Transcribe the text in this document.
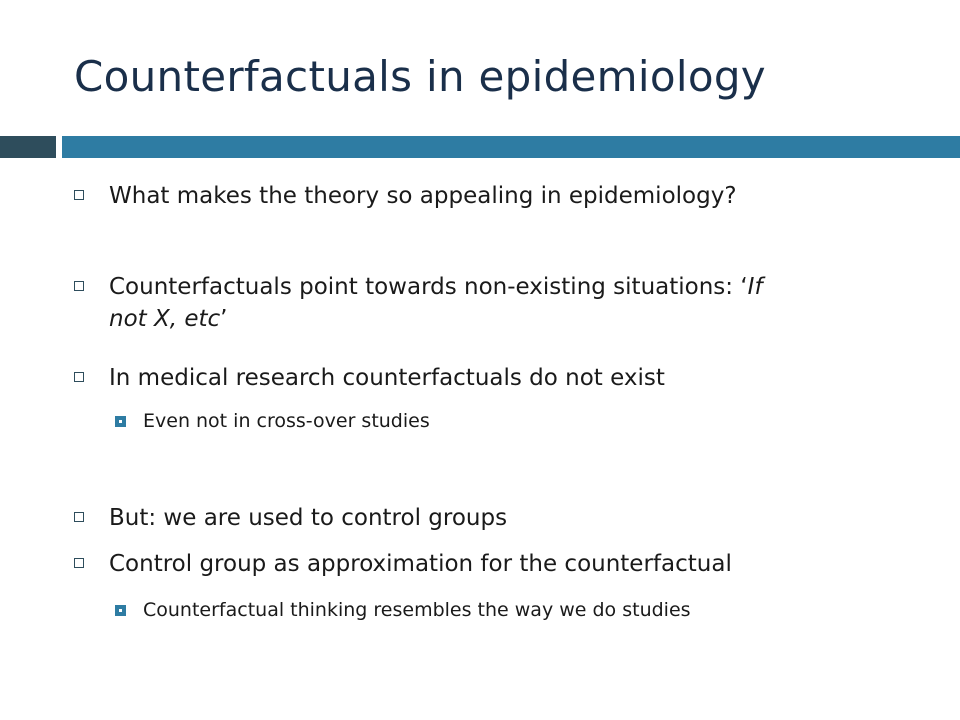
Counterfactuals in epidemiology
What makes the theory so appealing in epidemiology?
Counterfactuals point towards non-existing situations: ‘If
not X, etc’
In medical research counterfactuals do not exist
Even not in cross-over studies
But: we are used to control groups
Control group as approximation for the counterfactual
Counterfactual thinking resembles the way we do studies
